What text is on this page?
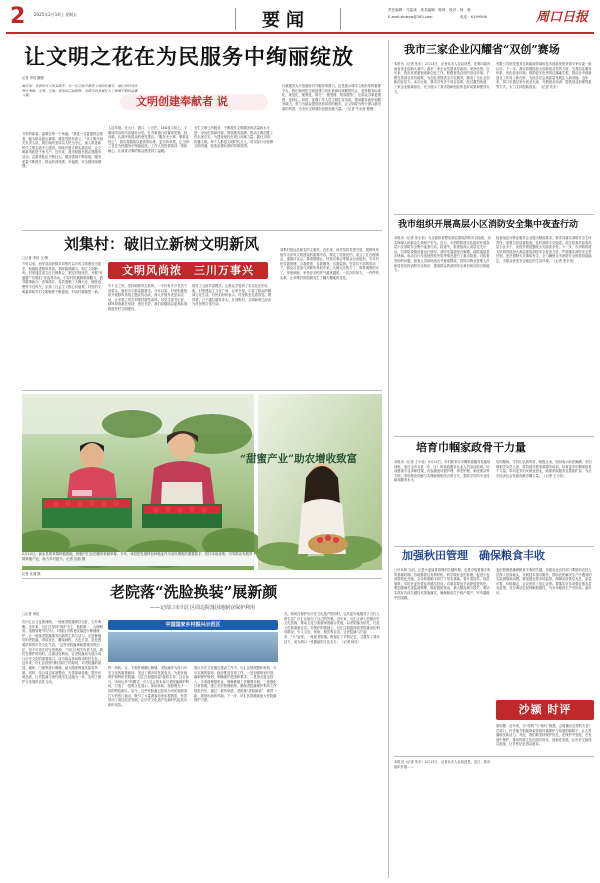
2 2025年2月14日 星期五	要闻	责任编辑：马雷成　美术编辑：陈琦　校对：杨　莉
E-mail:zkrbyw@163.com	电话：6199506	周口日报
让文明之花在为民服务中绚丽绽放
记者 李伟 魏刚
编者按：在新时代文明实践中，每一位志愿者都是文明的传播者，他们用行动诠释着奉献、友爱、互助、进步的志愿精神，为城市的发展注入了源源不断的温暖力量。	文明创建奉献者 说
今年的新春，温暖在每一个角落。“我是一名普通的志愿者，能为群众做点事情，我觉得很有意义。”市文明办相关负责人说，我们始终坚持以人民为中心，深入推进新时代文明实践中心建设，持续开展文明实践活动，让文明新风吹进千家万户。近年来，我市积极开展志愿服务活动，志愿者队伍不断壮大，服务领域不断拓展，服务质量不断提升，群众的获得感、幸福感、安全感持续增强。
人居环境。在大厅、窗口、公告栏、LED显示屏上，文明城市宣传内容随处可见，在办事窗口设置意见箱、投诉箱，认真听取群众的意见建议。“服务无小事，事事连民心”，我们将继续以更高的标准、更实的举措，让文明之花在为民服务中绚丽绽放。工作人员热情周到、细致耐心，让前来办事的群众感受到了温暖。
全生文明公所服务，不断提升文明服务的质量和水平，进一步优化营商环境，擦亮服务品牌，推动文明创建工作走深走实，为建设现代化周口贡献力量。践行文明、传播文明，每个人都是文明的代言人，用实际行动诠释文明内涵，营造崇德向善的浓厚氛围。
行政服务大厅是政府对外服务的窗口，也是展示城市文明形象的重要平台。我们始终把文明创建与优化营商环境紧密结合，坚持服务标准化、规范化、便利化，推行“一窗受理、集成服务”，让群众办事更便捷、更舒心。同时，加强工作人员文明礼仪培训，提高服务意识和服务能力，努力为群众提供优质高效的服务，让文明成为每个窗口最亮丽的风景，为全市文明城市创建贡献力量。（记者 牛永涛 整理）
刘集村：破旧立新树文明新风
□记者 李伟 文/图
今年以来，西华县清河驿乡刘集村以乡风文明建设为抓手，积极推进移风易俗，革除陈规陋习，树立文明新风。村里通过成立红白理事会、制定村规民约、开展“好婆婆”“好媳妇”评选等活动，引导村民破除陈规陋习，倡导婚事新办、丧事简办，有效遏制了大操大办、铺张浪费等不良风气，弘扬了社会主义核心价值观，村民的文明素养和乡村文明程度不断提高，村容村貌焕然一新。
文明风尚浓　三川万事兴
写不正之风，坚持树新风立新风。一个村有多少党员干部带头，就有多少群众跟着走。今年以来，村里积极组织开展移风易俗主题宣传活动，深入开展孝老爱亲活动，让孝善之风在刘集村蔚然成风。村党支部书记说，移风易俗重在坚持，贵在长效，我们将继续以更高标准推进乡村文明建设。
领导了互助共富模式，让群众享受到了实实在在的实惠。村里建起了文化广场、农家书屋，丰富了群众的精神文化生活。村民们纷纷表示，村里的变化看得见、摸得着，日子越过越有奔头。在刘集村，文明新风已经成为村民的自觉行动。
刘集村是远近闻名的文明村。近年来，该村坚持党建引领，把移风易俗作为乡风文明建设的重要内容，制定了村规民约，成立了红白理事会、道德评议会、禁毒禁赌会、村民议事会等群众自治组织，引导村民自我管理、自我教育、自我服务、自我监督。在党员干部的带动下，群众自觉参与到移风易俗中来，大操大办的少了，厚养薄葬的多了，邻里和睦、孝老爱亲的风气越来越浓。一次次的努力，一件件的实事，让刘集村的面貌发生了翻天覆地的变化。
“甜蜜产业”助农增收致富
2月12日，商水县的草莓种植基地，种植户们正在棚内采摘草莓。今年，该县把发展特色种植业作为农民增收的重要抓手，依托本地优势，引导群众发展草莓种植产业，助力乡村振兴。记者 沈湘 摄
记者 沈湘 摄
老院落“洗脸换装”展新颜
——记周口市川汇区周边院落因地制宜保护利用
□记者 何佳
在川汇区文化街两侧，一座座老院落保存完好，古朴典雅。近年来，川汇区坚持“保护为主、抢救第一、合理利用、加强管理”的方针，对辖区内的老院落进行修缮保护，让一座座老院落焕发出新的生机与活力。走进修缮后的老院落，青砖灰瓦、雕梁画栋，古色古香，处处透着浓厚的历史文化气息。“这些老院落承载着城市的记忆，是不可再生的宝贵资源。”川汇区相关负责人说，我们在保护的同时，注重活化利用，让老院落成为展示周口历史文化的重要窗口，成为群众休闲娱乐的好去处。近年来，川汇区按照“修旧如旧”的原则，对老院落的屋顶、墙体、门窗等进行修缮，最大限度保留其原有风貌。同时，结合周边环境整治，完善基础设施，提升环境品质，让老院落与现代城市生活融为一体，实现了保护与发展的良性互动。
中国国家乡村振兴示范区
每一块砖、瓦、木构件都精心修缮。老院落作为周口历史文化的重要载体，见证了城市的发展变迁。为更好地保护和利用老院落，川汇区积极探索“政府主导、社会参与、市场运作”的模式，引入社会资本参与老院落保护利用，打造了一批集文化展示、休闲体验、旅游观光于一体的特色街区。如今，这些老院落已经成为市民和游客打卡的热门地点，吸引了大量游客前来参观游览，有效带动了周边经济发展，让历史文化遗产在新时代绽放出新的光彩。
园区历史文化街区建设工作中，川汇区按照整体规划、分步实施的原则，稳步推进各项工作。一是加强规划引领，编制保护规划，明确保护范围和要求；二是加大资金投入，多渠道筹措资金，保障修缮工作顺利开展；三是强化日常管理，建立长效管理机制，确保老院落保护利用工作规范有序。通过一系列举措，老院落“洗脸换装”，焕然一新，展现出新的风貌。下一步，川汇区将继续加大老院落保护力度。
式。如何在保护好历史文化遗产的同时，让其更好地服务于当代人的生活？川汇区给出了自己的答案。近年来，川汇区深入挖掘历史文化资源，推动文化与旅游深度融合发展，以老院落为依托，打造文化旅游新业态。在保护的基础上，川汇区积极探索老院落活化利用路径，引入文创、民宿、餐饮等业态，让老院落“活”起来、“火”起来。一座座老院落，既留住了乡愁记忆，又激发了城市活力，成为周口一张靓丽的文化名片。（记者 何佳）
我市三家企业闪耀省“双创”赛场
本报讯（记者 朱东）2月13日，记者从市人社局获悉，在第四届河南省创业创新大赛中，我市三家企业凭借优异表现，荣获佳绩。近年来，我市高度重视创新创业工作，积极营造良好的创业环境，不断完善创业扶持政策，为创业者提供全方位服务，激发了全社会创新创业活力。本次大赛，我市共有多个项目参赛，经过激烈角逐，三家企业脱颖而出，充分展示了我市创新创业的良好成果和强劲实力。
有限公司则凭借其在新能源领域的技术创新优势获得专家评委一致认可。下一步，我市将继续加大创新创业扶持力度，完善创业服务体系，优化创业环境，鼓励更多优秀项目落地生根，推动全市创新创业工作再上新台阶，为经济社会高质量发展注入新动能。近年来，周口市通过举办创业大赛、开展创业培训、提供创业担保贷款等方式，大力支持创新创业。（记者 朱东）
我市组织开展高层小区消防安全集中夜查行动
本报讯（记者 张永恒）为全面排查整治高层建筑消防安全隐患，切实保障人民群众生命财产安全，近日，市消防救援支队组织开展高层小区消防安全集中夜查行动。检查中，检查组深入高层住宅小区，对消防设施设备运行情况、消防车通道是否畅通、疏散通道是否堵塞、电动自行车违规停放充电等情况进行了重点检查。对检查发现的问题，检查人员现场指出并督促整改，同时向物业管理人员和居民宣传消防安全知识，提高群众的消防安全意识和自防自救能力。
检查组还向物业服务企业提出整改要求，要求其落实消防安全主体责任，加强日常巡查检查，及时消除火灾隐患。此次检查共检查高层小区多个，发现并督促整改火灾隐患多处。下一步，市消防救援支队将持续加大高层建筑消防安全检查力度，严格落实消防安全责任制，坚决遏制火灾事故发生，全力确保全市消防安全形势持续稳定，为群众营造安全稳定的生活环境。（记者 张永恒）
培育巾帼家政骨干力量
本报讯（记者 王小佳）2月13日，市妇联举办巾帼家政服务技能培训班，来自全市各县（市、区）的家政服务从业人员参加培训。培训邀请专业讲师授课，内容涵盖母婴护理、养老护理、家庭保洁等方面，采取理论讲解与实操演练相结合的方式，提高学员的专业技能和服务水平。
培训期间，学员们认真听讲、积极互动，纷纷表示收获满满。市妇联相关负责人说，将持续开展家政服务培训，培育更多巾帼家政骨干力量，带动更多妇女就业创业，助推家政服务业提质扩容，为全市经济社会发展贡献巾帼力量。（记者 王小佳）
加强秋田管理　确保粮食丰收
□叶永林 当前，正是小麦返青管理的关键时期，也是夺取夏粮丰收的基础时期。各地要抓住有利时机，科学做好麦田管理，促进小麦苗情转化升级，为夺取夏粮丰收打下坚实基础。要分类指导，因苗施策，对旺长麦田要及时镇压控旺，对弱苗要及早追肥促进转化。要加强病虫害监测预警，做好统防统治，最大限度减少损失。要切实抓好各项关键技术措施落实，确保粮食生产稳产增产，牢牢端稳中国饭碗。
麦田管理是确保粮食丰收的关键。各级农业农村部门要组织农技人员深入田间地头，开展技术指导服务，帮助农民解决生产中遇到的实际困难和问题。要加强农资市场监管，保障农资供应充足、质量可靠、价格稳定，让农民用上放心农资。要落实好各项强农惠农富农政策，充分调动农民种粮积极性，为全年粮食生产开好局、起好步。
沙颍 时评
本报讯（记者 朱东）2月13日，记者从市人社局获悉，近日，我市组织开展……
原标题：近年来，当“传统”与“现代”相遇，会碰撞出怎样的火花？在周口，许多地方积极探索传统村落保护与发展的新路子，让古村落焕发新活力。对此，我们要坚持保护优先，在保护中发展、在发展中保护，推动传统文化创造性转化、创新性发展，让历史文脉得以延续，让乡愁记忆得以留存。
